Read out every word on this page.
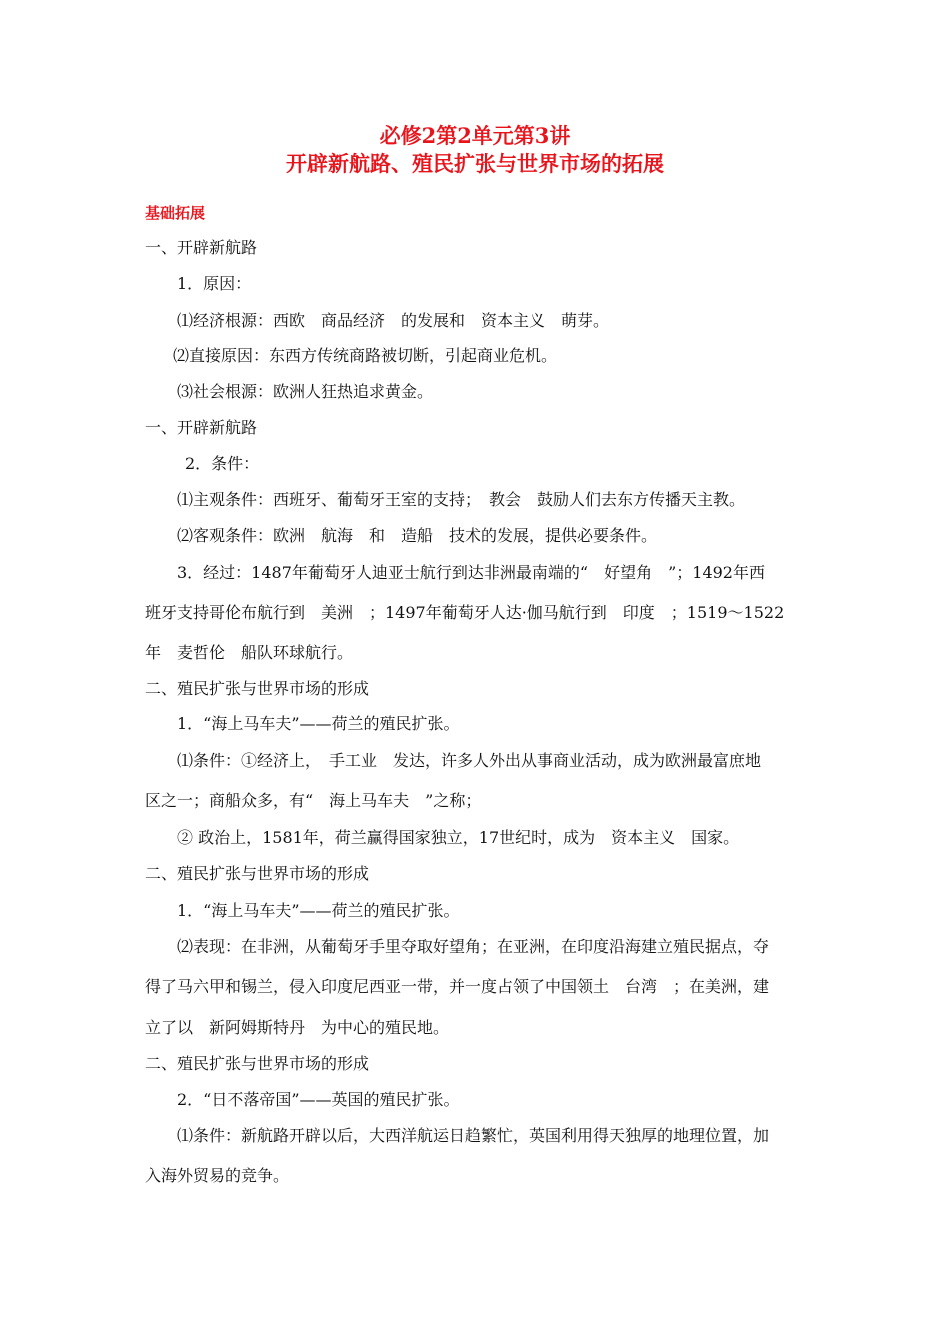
必修2第2单元第3讲
开辟新航路、殖民扩张与世界市场的拓展
基础拓展
一、开辟新航路
1．原因：
⑴经济根源：西欧　商品经济　的发展和　资本主义　萌芽。
⑵直接原因：东西方传统商路被切断，引起商业危机。
⑶社会根源：欧洲人狂热追求黄金。
一、开辟新航路
2．条件：
⑴主观条件：西班牙、葡萄牙王室的支持；　教会　鼓励人们去东方传播天主教。
⑵客观条件：欧洲　航海　和　造船　技术的发展，提供必要条件。
3．经过：1487年葡萄牙人迪亚士航行到达非洲最南端的“　好望角　”；1492年西
班牙支持哥伦布航行到　美洲　；1497年葡萄牙人达·伽马航行到　印度　；1519～1522
年　麦哲伦　船队环球航行。
二、殖民扩张与世界市场的形成
1．“海上马车夫”——荷兰的殖民扩张。
⑴条件：①经济上，　手工业　发达，许多人外出从事商业活动，成为欧洲最富庶地
区之一；商船众多，有“　海上马车夫　”之称；
② 政治上，1581年，荷兰赢得国家独立，17世纪时，成为　资本主义　国家。
二、殖民扩张与世界市场的形成
1．“海上马车夫”——荷兰的殖民扩张。
⑵表现：在非洲，从葡萄牙手里夺取好望角；在亚洲，在印度沿海建立殖民据点，夺
得了马六甲和锡兰，侵入印度尼西亚一带，并一度占领了中国领土　台湾　；在美洲，建
立了以　新阿姆斯特丹　为中心的殖民地。
二、殖民扩张与世界市场的形成
2．“日不落帝国”——英国的殖民扩张。
⑴条件：新航路开辟以后，大西洋航运日趋繁忙，英国利用得天独厚的地理位置，加
入海外贸易的竞争。
